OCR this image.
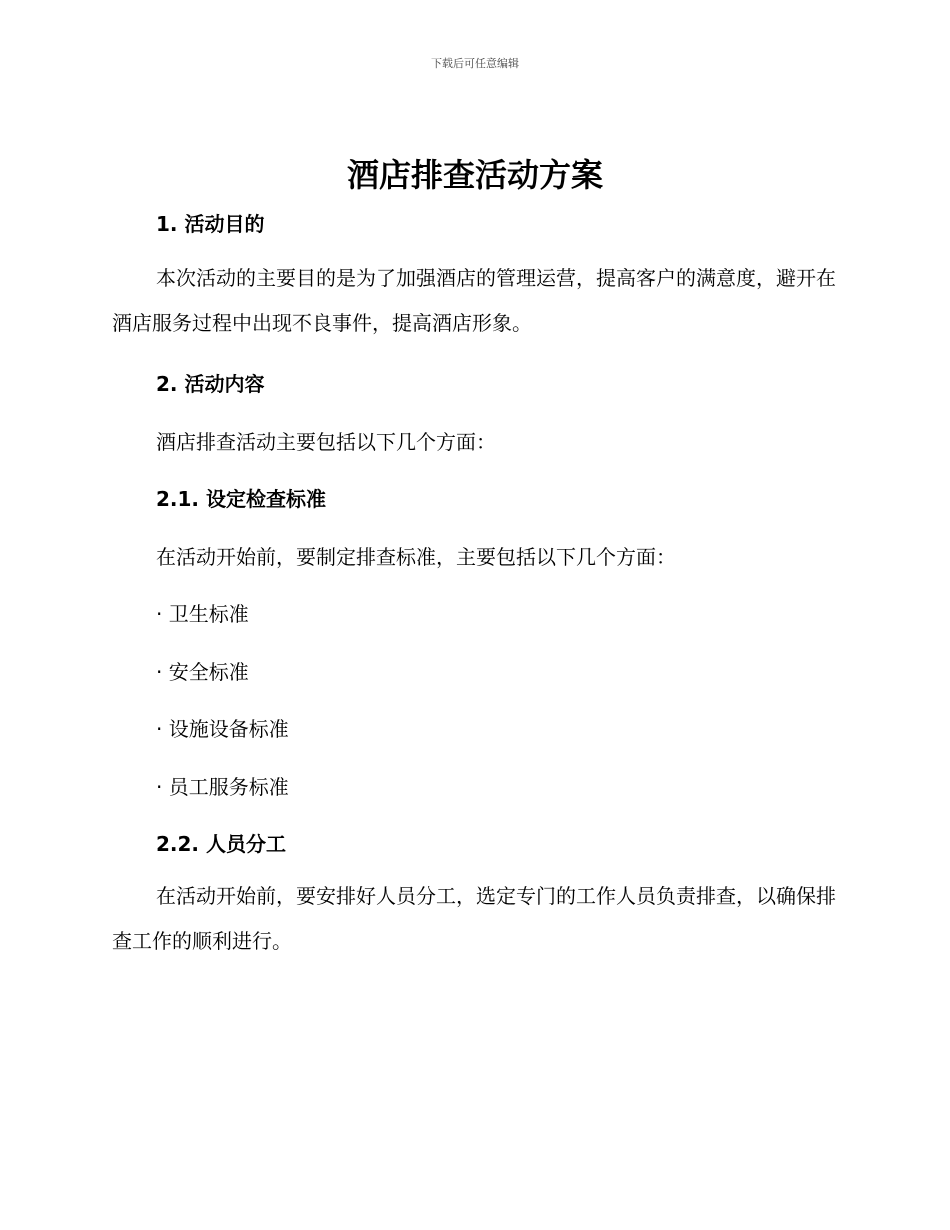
下载后可任意编辑
酒店排查活动方案
1. 活动目的

本次活动的主要目的是为了加强酒店的管理运营，提高客户的满意度，避开在酒店服务过程中出现不良事件，提高酒店形象。

2. 活动内容

酒店排查活动主要包括以下几个方面：

2.1. 设定检查标准

在活动开始前，要制定排查标准，主要包括以下几个方面：

· 卫生标准

· 安全标准

· 设施设备标准

· 员工服务标准

2.2. 人员分工

在活动开始前，要安排好人员分工，选定专门的工作人员负责排查，以确保排查工作的顺利进行。
